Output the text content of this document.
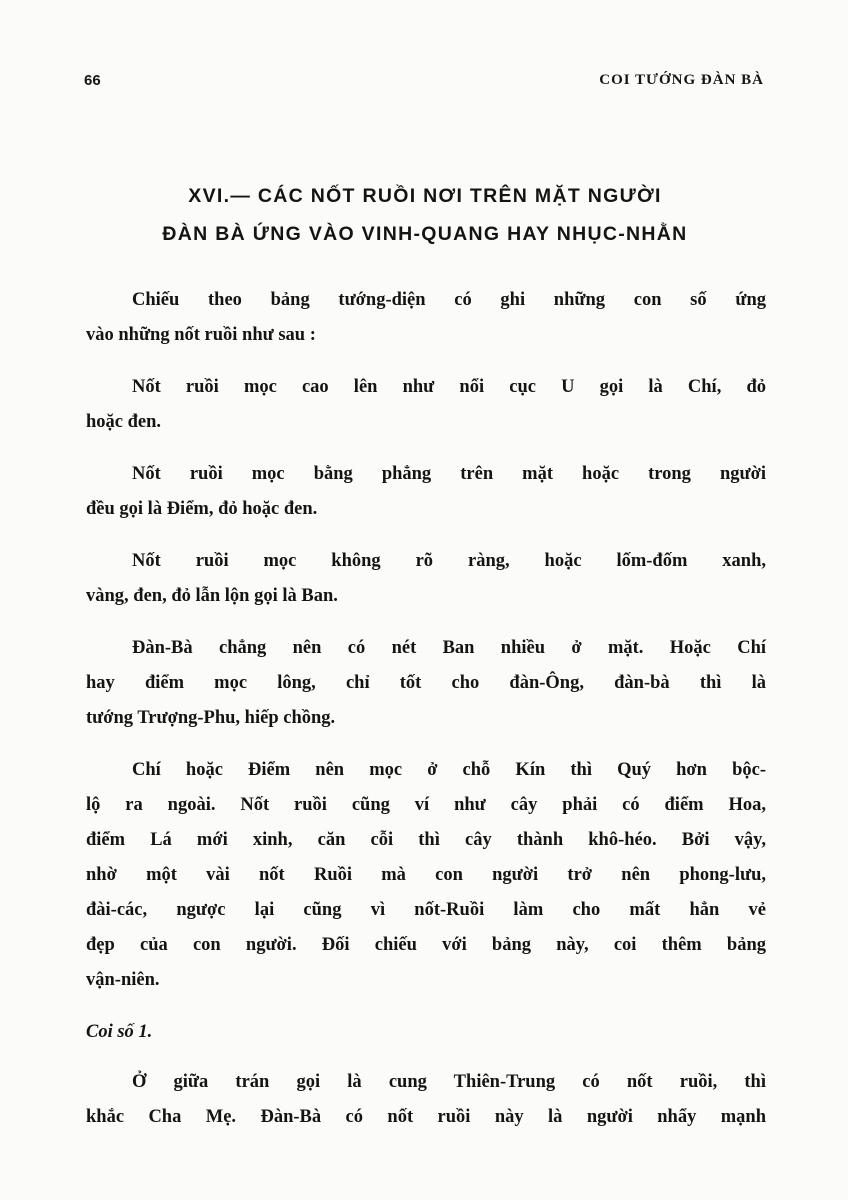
66	COI TƯỚNG ĐÀN BÀ
XVI.— CÁC NỐT RUỒI NƠI TRÊN MẶT NGƯỜI
ĐÀN BÀ ỨNG VÀO VINH-QUANG HAY NHỤC-NHẰN
Chiếu theo bảng tướng-diện có ghi những con số ứng
vào những nốt ruồi như sau :
Nốt ruồi mọc cao lên như nổi cục U gọi là Chí, đỏ
hoặc đen.
Nốt ruồi mọc bằng phẳng trên mặt hoặc trong người
đều gọi là Điểm, đỏ hoặc đen.
Nốt ruồi mọc không rõ ràng, hoặc lốm-đốm xanh,
vàng, đen, đỏ lẫn lộn gọi là Ban.
Đàn-Bà chẳng nên có nét Ban nhiều ở mặt. Hoặc Chí
hay điểm mọc lông, chỉ tốt cho đàn-Ông, đàn-bà thì là
tướng Trượng-Phu, hiếp chồng.
Chí hoặc Điểm nên mọc ở chỗ Kín thì Quý hơn bộc-
lộ ra ngoài. Nốt ruồi cũng ví như cây phải có điểm Hoa,
điểm Lá mới xinh, căn cỗi thì cây thành khô-héo. Bởi vậy,
nhờ một vài nốt Ruồi mà con người trở nên phong-lưu,
đài-các, ngược lại cũng vì nốt-Ruồi làm cho mất hẳn vẻ
đẹp của con người. Đối chiếu với bảng này, coi thêm bảng
vận-niên.
Coi số 1.
Ở giữa trán gọi là cung Thiên-Trung có nốt ruồi, thì
khắc Cha Mẹ. Đàn-Bà có nốt ruồi này là người nhẩy mạnh
